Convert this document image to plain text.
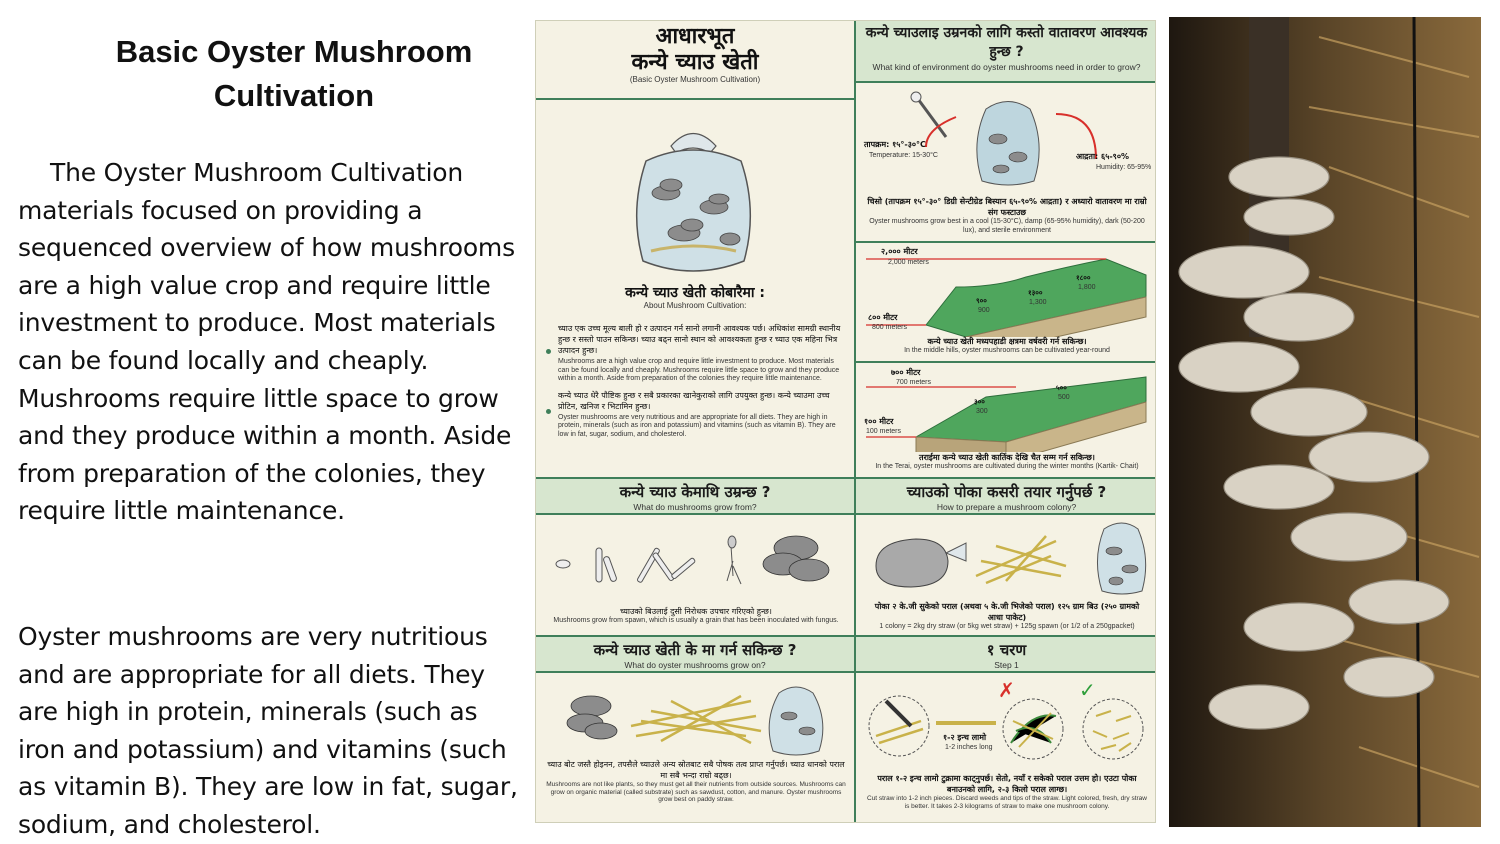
Basic Oyster Mushroom Cultivation
The Oyster Mushroom Cultivation materials focused on providing a sequenced overview of how mushrooms are a high value crop and require little investment to produce. Most materials can be found locally and cheaply. Mushrooms require little space to grow and they produce within a month. Aside from preparation of the colonies, they require little maintenance.
Oyster mushrooms are very nutritious and are appropriate for all diets. They are high in protein, minerals (such as iron and potassium) and vitamins (such as vitamin B). They are low in fat, sugar, sodium, and cholesterol.
आधारभूत
कन्ये च्याउ खेती
(Basic Oyster Mushroom Cultivation)
कन्ये च्याउ खेती कोबारैमा :
About Mushroom Cultivation:
च्याउ एक उच्च मूल्य बाली हो र उत्पादन गर्न सानो लगानी आवश्यक पर्छ। अधिकांश सामग्री स्थानीय हुन्छ र सस्तो पाउन सकिन्छ। च्याउ बढ्न सानो स्थान को आवश्यकता हुन्छ र च्याउ एक महिना भित्र उत्पादन हुन्छ।
Mushrooms are a high value crop and require little investment to produce. Most materials can be found locally and cheaply. Mushrooms require little space to grow and they produce within a month. Aside from preparation of the colonies they require little maintenance.
कन्ये च्याउ धेरै पौष्टिक हुन्छ र सबै प्रकारका खानेकुराको लागि उपयुक्त हुन्छ। कन्ये च्याउमा उच्च प्रोटिन, खनिज र भिटामिन हुन्छ।
Oyster mushrooms are very nutritious and are appropriate for all diets. They are high in protein, minerals (such as iron and potassium) and vitamins (such as vitamin B). They are low in fat, sugar, sodium, and cholesterol.
कन्ये च्याउ केमाथि उम्रन्छ ?
What do mushrooms grow from?
च्याउको बिउलाई दुसी निरोधक उपचार गरिएको हुन्छ।
Mushrooms grow from spawn, which is usually a grain that has been inoculated with fungus.
कन्ये च्याउ खेती के मा गर्न सकिन्छ ?
What do oyster mushrooms grow on?
च्याउ बोट जस्तै होइनन, तपसैले च्याउले अन्य स्रोतबाट सबै पोषक तत्व प्राप्त गर्नुपर्छ। च्याउ धानको पराल मा सबै भन्दा राम्रो बढ्छ।
Mushrooms are not like plants, so they must get all their nutrients from outside sources. Mushrooms can grow on organic material (called substrate) such as sawdust, cotton, and manure. Oyster mushrooms grow best on paddy straw.
कन्ये च्याउलाइ उम्रनको लागि कस्तो वातावरण आवश्यक हुन्छ ?
What kind of environment do oyster mushrooms need in order to grow?
तापक्रम: १५°-३०°C
Temperature: 15-30°C	आद्रता: ६५-९०%
Humidity: 65-95%
चिसो (तापक्रम १५°-३०° डिग्री सेन्टीग्रेड बिस्यान ६५-९०% आद्रता) र अध्यारो वातावरण मा राम्रो संग फस्टाउछ
Oyster mushrooms grow best in a cool (15-30°C), damp (65-95% humidity), dark (50-200 lux), and sterile environment
२,००० मीटर
2,000 meters
८०० मीटर
800 meters
१८००
1,800
१३००
1,300
९००
900
कन्ये च्याउ खेती मध्यपहाडी क्षत्रमा वर्षवरी गर्न सकिन्छ।
In the middle hills, oyster mushrooms can be cultivated year-round
७०० मीटर
700 meters
१०० मीटर
100 meters
५००
500
३००
300
तराईमा कन्ये च्याउ खेती कार्तिक देखि चैत सम्म गर्न सकिन्छ।
In the Terai, oyster mushrooms are cultivated during the winter months (Kartik- Chait)
च्याउको पोका कसरी तयार गर्नुपर्छ ?
How to prepare a mushroom colony?
पोका २ के.जी सुकेको पराल (अथवा ५ के.जी भिजेको पराल) १२५ ग्राम बिउ (२५० ग्रामको आधा पाकेट)
1 colony = 2kg dry straw (or 5kg wet straw) + 125g spawn (or 1/2 of a 250gpacket)
१ चरण
Step 1
✗	✓
१-२ इन्च लामो
1-2 inches long
पराल १-२ इन्च लामो टुक्रामा काट्नुपर्छ। सेतो, नयाँ र सकेको पराल उत्तम हो। एउटा पोका बनाउनको लागि, २-३ किलो पराल लाग्छ।
Cut straw into 1-2 inch pieces. Discard weeds and tips of the straw. Light colored, fresh, dry straw is better. It takes 2-3 kilograms of straw to make one mushroom colony.
